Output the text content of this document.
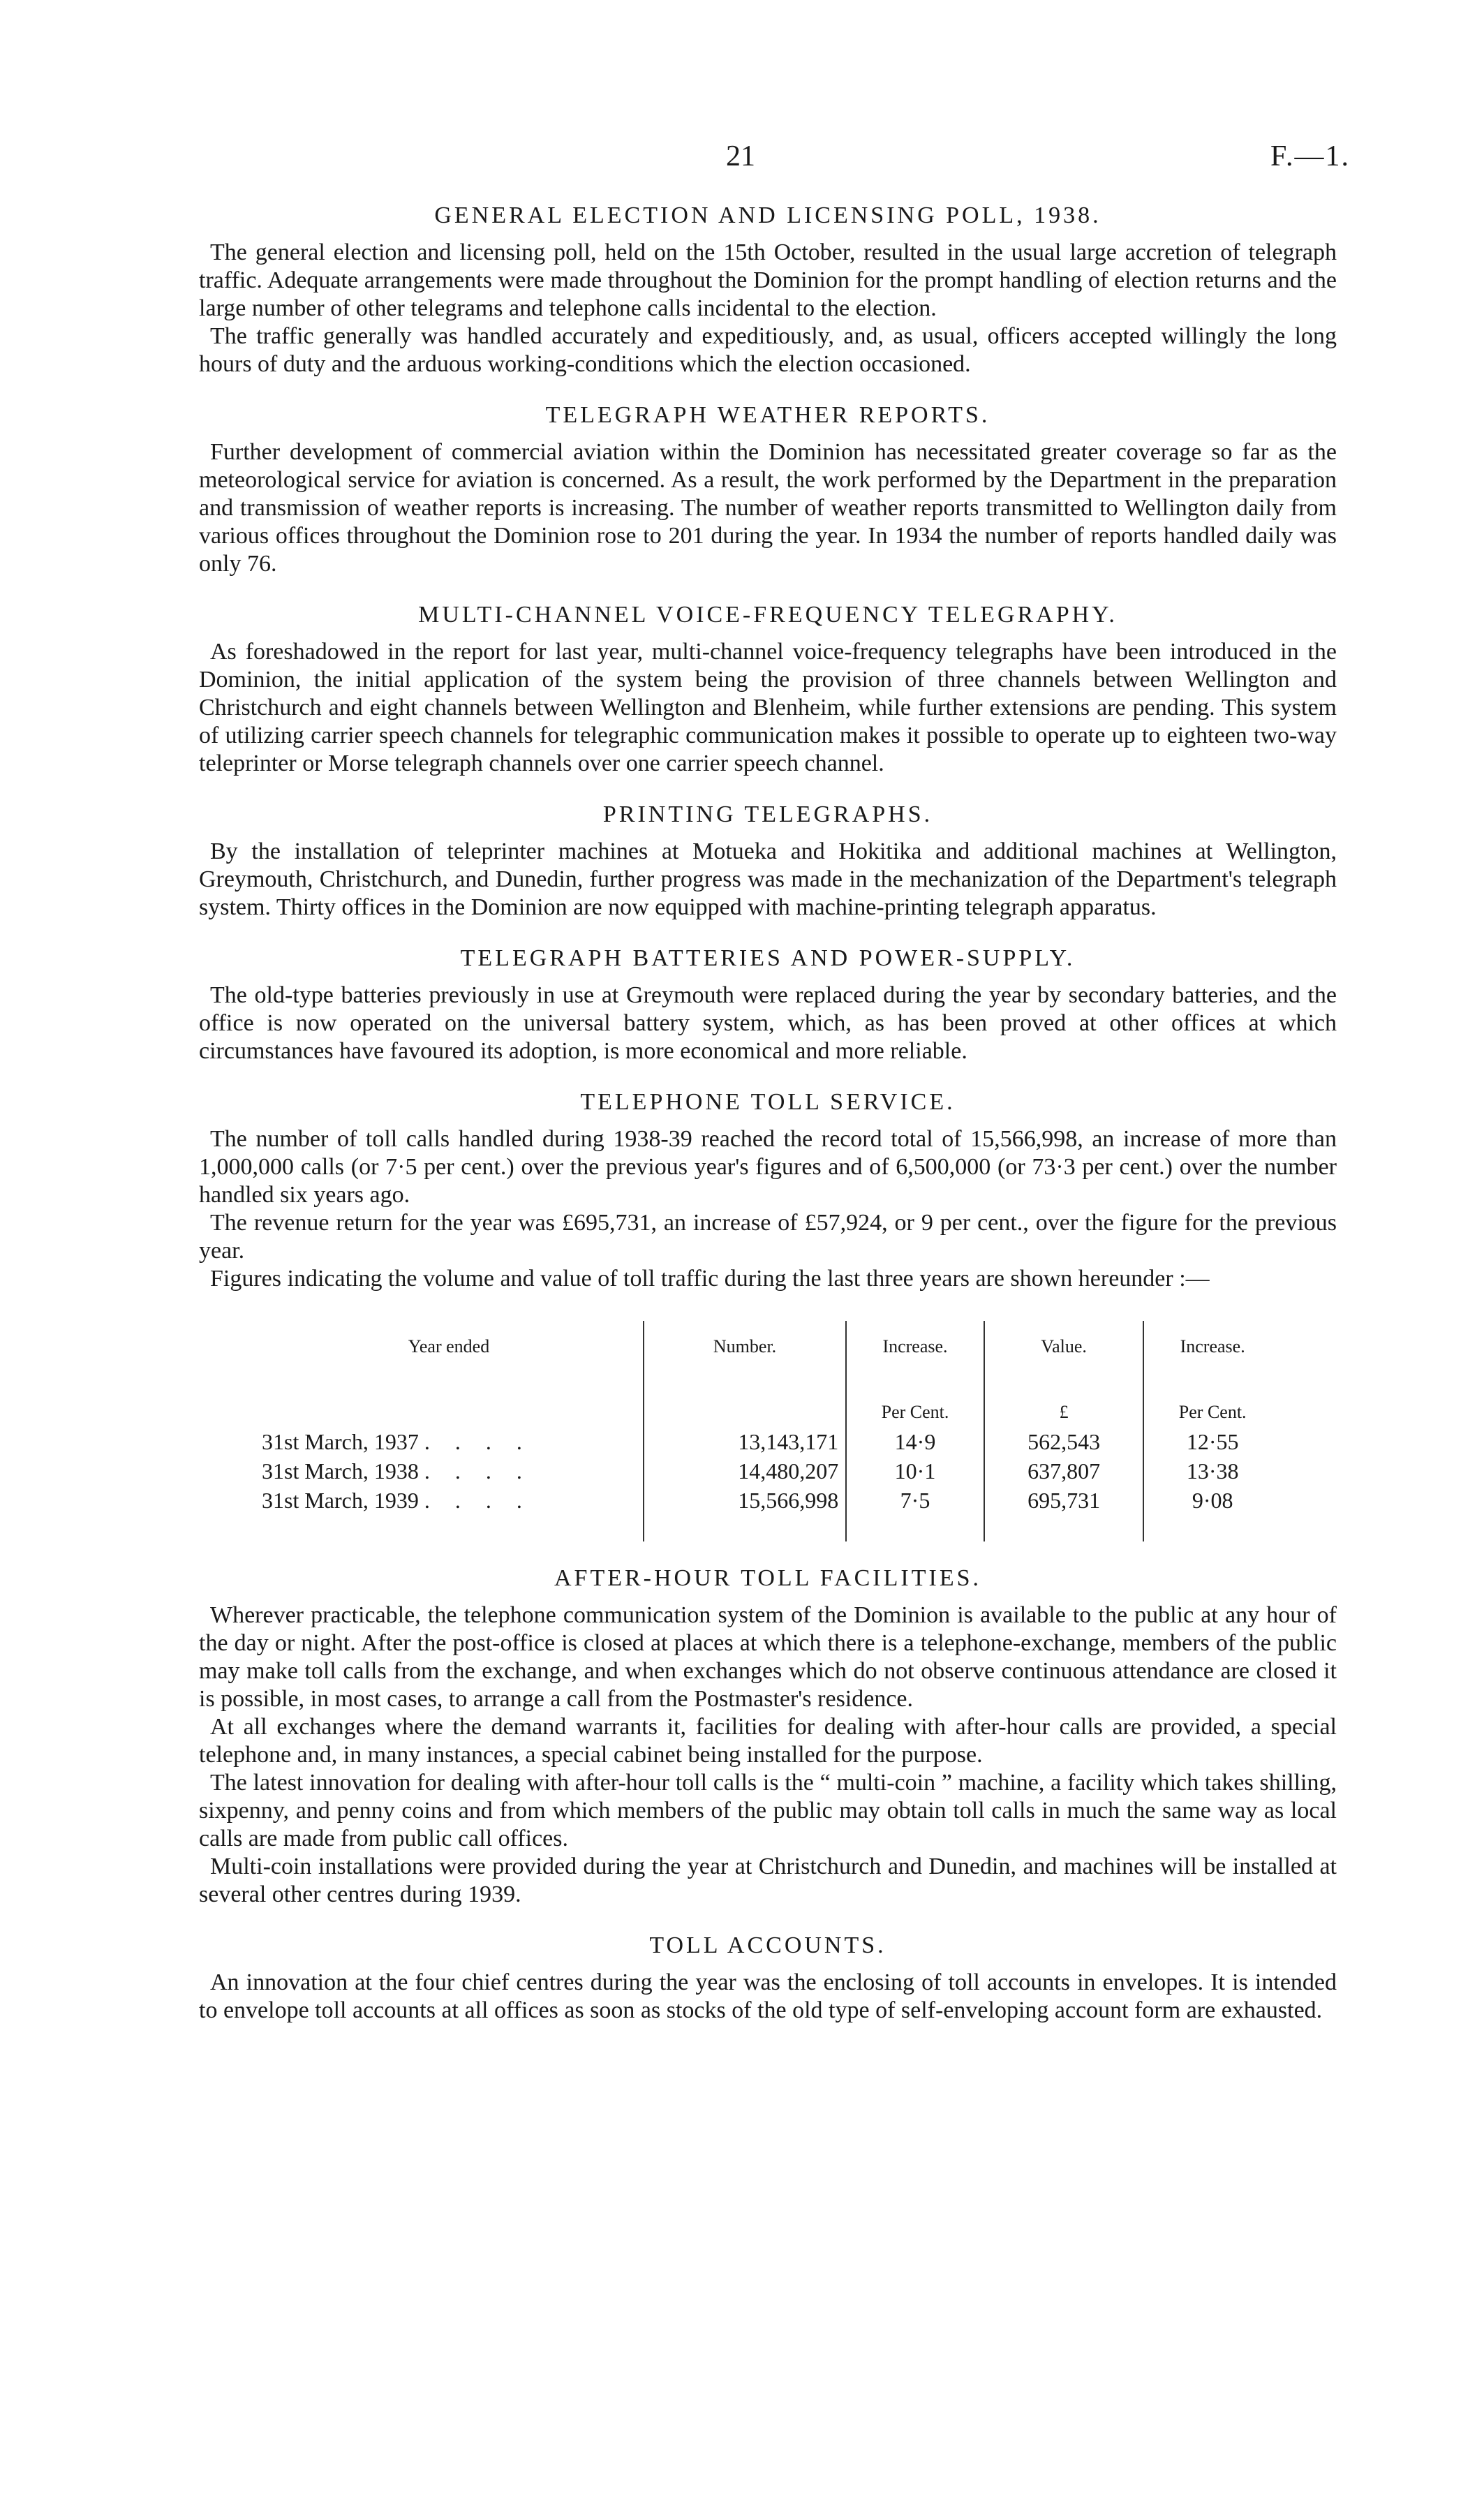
21	F.—1.
GENERAL ELECTION AND LICENSING POLL, 1938.

The general election and licensing poll, held on the 15th October, resulted in the usual large accretion of telegraph traffic. Adequate arrangements were made throughout the Dominion for the prompt handling of election returns and the large number of other telegrams and telephone calls incidental to the election.

The traffic generally was handled accurately and expeditiously, and, as usual, officers accepted willingly the long hours of duty and the arduous working-conditions which the election occasioned.

TELEGRAPH WEATHER REPORTS.

Further development of commercial aviation within the Dominion has necessitated greater coverage so far as the meteorological service for aviation is concerned. As a result, the work performed by the Department in the preparation and transmission of weather reports is increasing. The number of weather reports transmitted to Wellington daily from various offices throughout the Dominion rose to 201 during the year. In 1934 the number of reports handled daily was only 76.

MULTI-CHANNEL VOICE-FREQUENCY TELEGRAPHY.

As foreshadowed in the report for last year, multi-channel voice-frequency telegraphs have been introduced in the Dominion, the initial application of the system being the provision of three channels between Wellington and Christchurch and eight channels between Wellington and Blenheim, while further extensions are pending. This system of utilizing carrier speech channels for telegraphic communication makes it possible to operate up to eighteen two-way teleprinter or Morse telegraph channels over one carrier speech channel.

PRINTING TELEGRAPHS.

By the installation of teleprinter machines at Motueka and Hokitika and additional machines at Wellington, Greymouth, Christchurch, and Dunedin, further progress was made in the mechanization of the Department's telegraph system. Thirty offices in the Dominion are now equipped with machine-printing telegraph apparatus.

TELEGRAPH BATTERIES AND POWER-SUPPLY.

The old-type batteries previously in use at Greymouth were replaced during the year by secondary batteries, and the office is now operated on the universal battery system, which, as has been proved at other offices at which circumstances have favoured its adoption, is more economical and more reliable.

TELEPHONE TOLL SERVICE.

The number of toll calls handled during 1938-39 reached the record total of 15,566,998, an increase of more than 1,000,000 calls (or 7·5 per cent.) over the previous year's figures and of 6,500,000 (or 73·3 per cent.) over the number handled six years ago.

The revenue return for the year was £695,731, an increase of £57,924, or 9 per cent., over the figure for the previous year.

Figures indicating the volume and value of toll traffic during the last three years are shown hereunder :—

Year ended	Number.	Increase.	Value.	Increase.
		Per Cent.	£	Per Cent.
31st March, 1937 . . . .	13,143,171	14·9	562,543	12·55
31st March, 1938 . . . .	14,480,207	10·1	637,807	13·38
31st March, 1939 . . . .	15,566,998	7·5	695,731	9·08
AFTER-HOUR TOLL FACILITIES.

Wherever practicable, the telephone communication system of the Dominion is available to the public at any hour of the day or night. After the post-office is closed at places at which there is a telephone-exchange, members of the public may make toll calls from the exchange, and when exchanges which do not observe continuous attendance are closed it is possible, in most cases, to arrange a call from the Postmaster's residence.

At all exchanges where the demand warrants it, facilities for dealing with after-hour calls are provided, a special telephone and, in many instances, a special cabinet being installed for the purpose.

The latest innovation for dealing with after-hour toll calls is the “ multi-coin ” machine, a facility which takes shilling, sixpenny, and penny coins and from which members of the public may obtain toll calls in much the same way as local calls are made from public call offices.

Multi-coin installations were provided during the year at Christchurch and Dunedin, and machines will be installed at several other centres during 1939.

TOLL ACCOUNTS.

An innovation at the four chief centres during the year was the enclosing of toll accounts in envelopes. It is intended to envelope toll accounts at all offices as soon as stocks of the old type of self-enveloping account form are exhausted.
